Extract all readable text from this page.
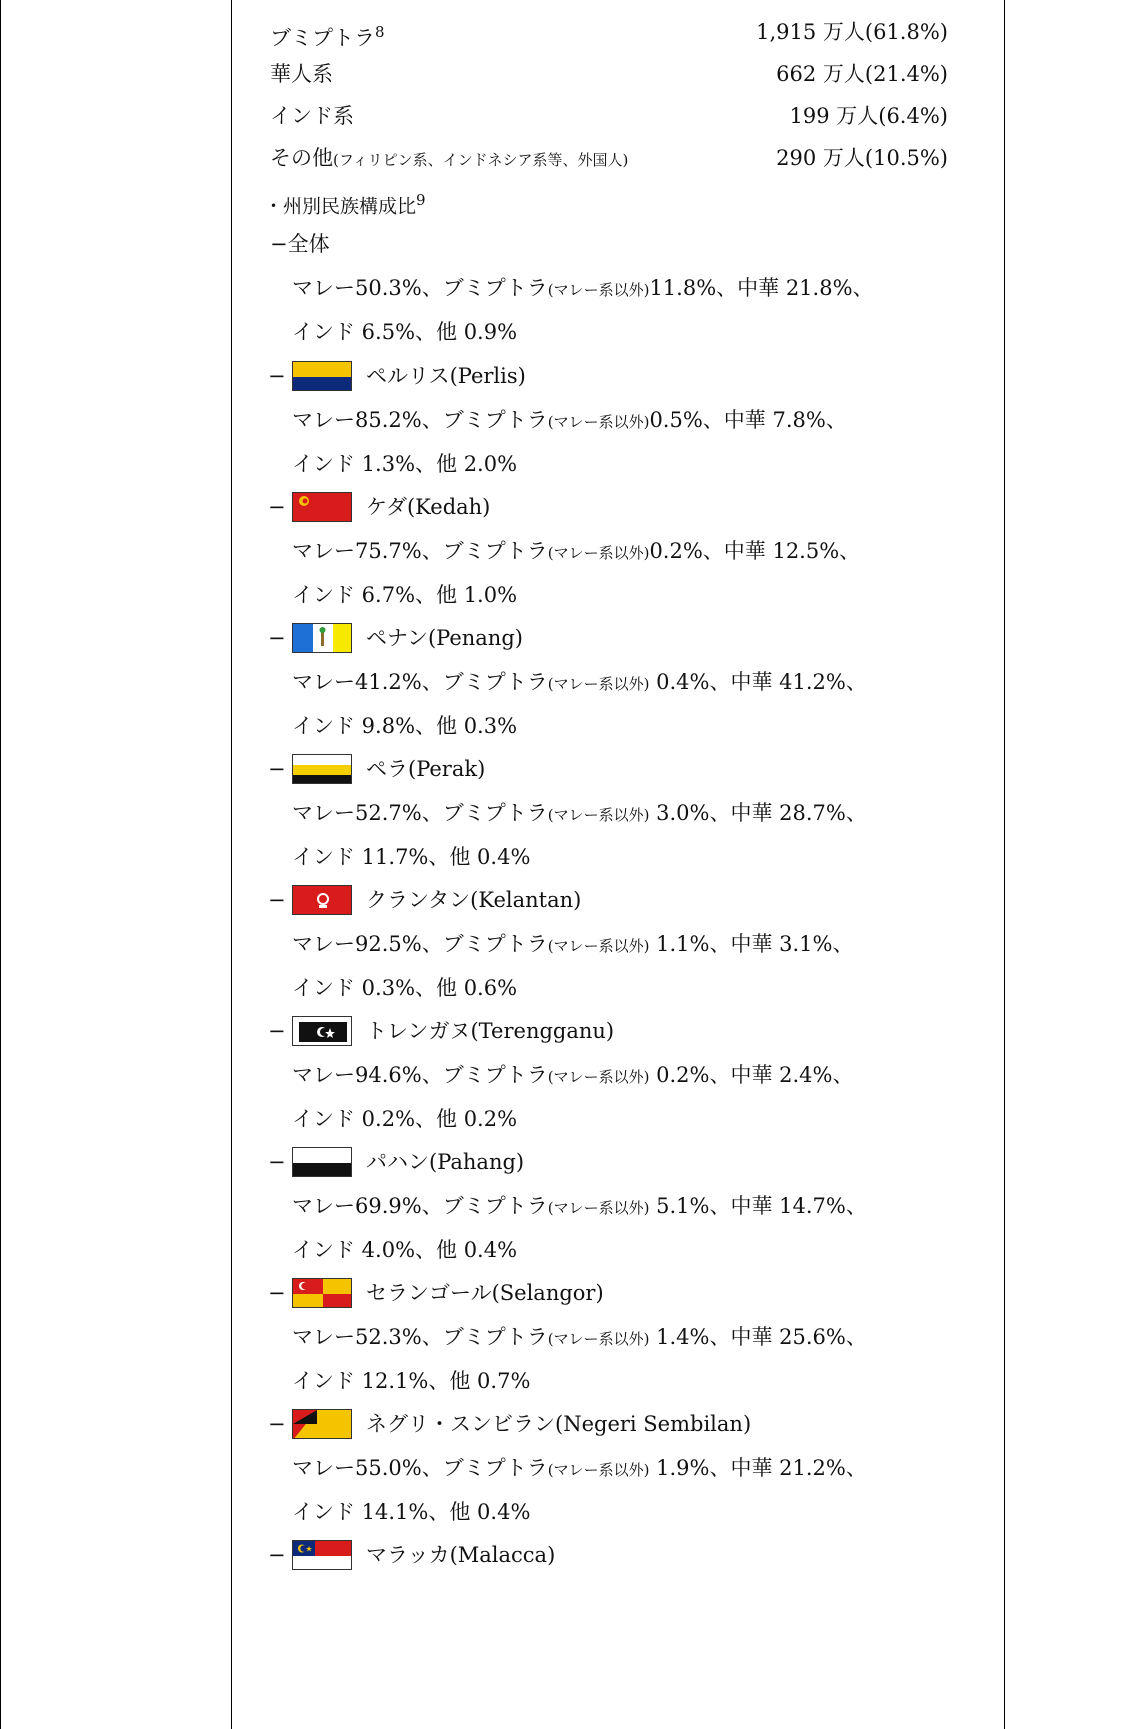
ブミプトラ$^8$	1,915 万人(61.8%)
華人系	662 万人(21.4%)
インド系	199 万人(6.4%)
その他(フィリピン系、インドネシア系等、外国人)	290 万人(10.5%)
・州別民族構成比$^9$
−全体
マレー50.3%、ブミプトラ(マレー系以外)11.8%、中華 21.8%、
インド 6.5%、他 0.9%
−	ペルリス(Perlis)
マレー85.2%、ブミプトラ(マレー系以外)0.5%、中華 7.8%、
インド 1.3%、他 2.0%
−	ケダ(Kedah)
マレー75.7%、ブミプトラ(マレー系以外)0.2%、中華 12.5%、
インド 6.7%、他 1.0%
−	ペナン(Penang)
マレー41.2%、ブミプトラ(マレー系以外) 0.4%、中華 41.2%、
インド 9.8%、他 0.3%
−	ペラ(Perak)
マレー52.7%、ブミプトラ(マレー系以外) 3.0%、中華 28.7%、
インド 11.7%、他 0.4%
−	クランタン(Kelantan)
マレー92.5%、ブミプトラ(マレー系以外) 1.1%、中華 3.1%、
インド 0.3%、他 0.6%
−	トレンガヌ(Terengganu)
マレー94.6%、ブミプトラ(マレー系以外) 0.2%、中華 2.4%、
インド 0.2%、他 0.2%
−	パハン(Pahang)
マレー69.9%、ブミプトラ(マレー系以外) 5.1%、中華 14.7%、
インド 4.0%、他 0.4%
−	セランゴール(Selangor)
マレー52.3%、ブミプトラ(マレー系以外) 1.4%、中華 25.6%、
インド 12.1%、他 0.7%
−	ネグリ・スンビラン(Negeri Sembilan)
マレー55.0%、ブミプトラ(マレー系以外) 1.9%、中華 21.2%、
インド 14.1%、他 0.4%
−	マラッカ(Malacca)
